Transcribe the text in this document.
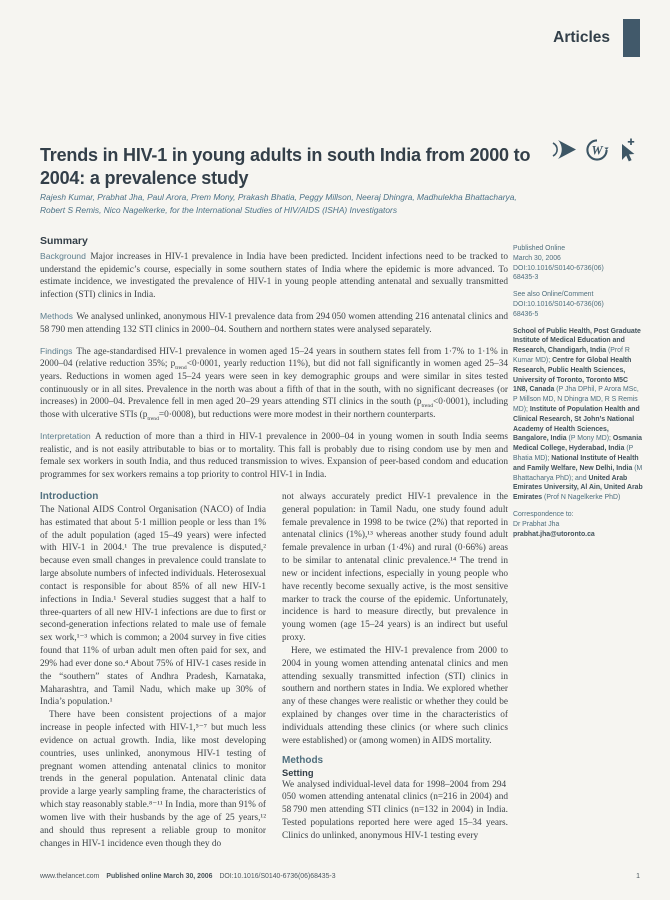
Articles
Trends in HIV-1 in young adults in south India from 2000 to 2004: a prevalence study
W
Rajesh Kumar, Prabhat Jha, Paul Arora, Prem Mony, Prakash Bhatia, Peggy Millson, Neeraj Dhingra, Madhulekha Bhattacharya, Robert S Remis, Nico Nagelkerke, for the International Studies of HIV/AIDS (ISHA) Investigators
Summary

Background Major increases in HIV-1 prevalence in India have been predicted. Incident infections need to be tracked to understand the epidemic’s course, especially in some southern states of India where the epidemic is more advanced. To estimate incidence, we investigated the prevalence of HIV-1 in young people attending antenatal and sexually transmitted infection (STI) clinics in India.

Methods We analysed unlinked, anonymous HIV-1 prevalence data from 294 050 women attending 216 antenatal clinics and 58 790 men attending 132 STI clinics in 2000–04. Southern and northern states were analysed separately.

Findings The age-standardised HIV-1 prevalence in women aged 15–24 years in southern states fell from 1·7% to 1·1% in 2000–04 (relative reduction 35%; $p_{trend}<0\cdot 0001$, yearly reduction 11%), but did not fall significantly in women aged 25–34 years. Reductions in women aged 15–24 years were seen in key demographic groups and were similar in sites tested continuously or in all sites. Prevalence in the north was about a fifth of that in the south, with no significant decreases (or increases) in 2000–04. Prevalence fell in men aged 20–29 years attending STI clinics in the south $(p_{trend}<0\cdot 0001)$, including those with ulcerative STIs $(p_{trend}=0\cdot 0008)$, but reductions were more modest in their northern counterparts.

Interpretation A reduction of more than a third in HIV-1 prevalence in 2000–04 in young women in south India seems realistic, and is not easily attributable to bias or to mortality. This fall is probably due to rising condom use by men and female sex workers in south India, and thus reduced transmission to wives. Expansion of peer-based condom and education programmes for sex workers remains a top priority to control HIV-1 in India.

Published Online
March 30, 2006
DOI:10.1016/S0140-6736(06)
68435-3
See also Online/Comment
DOI:10.1016/S0140-6736(06)
68436-5
School of Public Health, Post Graduate Institute of Medical Education and Research, Chandigarh, India (Prof R Kumar MD); Centre for Global Health Research, Public Health Sciences, University of Toronto, Toronto M5C 1N8, Canada (P Jha DPhil, P Arora MSc, P Millson MD, N Dhingra MD, R S Remis MD); Institute of Population Health and Clinical Research, St John’s National Academy of Health Sciences, Bangalore, India (P Mony MD); Osmania Medical College, Hyderabad, India (P Bhatia MD); National Institute of Health and Family Welfare, New Delhi, India (M Bhattacharya PhD); and United Arab Emirates University, Al Ain, United Arab Emirates (Prof N Nagelkerke PhD)
Correspondence to:
Dr Prabhat Jha
prabhat.jha@utoronto.ca
Introduction

The National AIDS Control Organisation (NACO) of India has estimated that about 5·1 million people or less than 1% of the adult population (aged 15–49 years) were infected with HIV-1 in 2004.¹ The true prevalence is disputed,² because even small changes in prevalence could translate to large absolute numbers of infected individuals. Heterosexual contact is responsible for about 85% of all new HIV-1 infections in India.¹ Several studies suggest that a half to three-quarters of all new HIV-1 infections are due to first or second-generation infections related to male use of female sex work,¹⁻³ which is common; a 2004 survey in five cities found that 11% of urban adult men often paid for sex, and 29% had ever done so.⁴ About 75% of HIV-1 cases reside in the “southern” states of Andhra Pradesh, Karnataka, Maharashtra, and Tamil Nadu, which make up 30% of India’s population.¹

There have been consistent projections of a major increase in people infected with HIV-1,⁵⁻⁷ but much less evidence on actual growth. India, like most developing countries, uses unlinked, anonymous HIV-1 testing of pregnant women attending antenatal clinics to monitor trends in the general population. Antenatal clinic data provide a large yearly sampling frame, the characteristics of which stay reasonably stable.⁸⁻¹¹ In India, more than 91% of women live with their husbands by the age of 25 years,¹² and should thus represent a reliable group to monitor changes in HIV-1 incidence even though they do

not always accurately predict HIV-1 prevalence in the general population: in Tamil Nadu, one study found adult female prevalence in 1998 to be twice (2%) that reported in antenatal clinics (1%),¹³ whereas another study found adult female prevalence in urban (1·4%) and rural (0·66%) areas to be similar to antenatal clinic prevalence.¹⁴ The trend in new or incident infections, especially in young people who have recently become sexually active, is the most sensitive marker to track the course of the epidemic. Unfortunately, incidence is hard to measure directly, but prevalence in young women (age 15–24 years) is an indirect but useful proxy.

Here, we estimated the HIV-1 prevalence from 2000 to 2004 in young women attending antenatal clinics and men attending sexually transmitted infection (STI) clinics in southern and northern states in India. We explored whether any of these changes were realistic or whether they could be explained by changes over time in the characteristics of individuals attending these clinics (or where such clinics were established) or (among women) in AIDS mortality.

Methods
Setting

We analysed individual-level data for 1998–2004 from 294 050 women attending antenatal clinics (n=216 in 2004) and 58 790 men attending STI clinics (n=132 in 2004) in India. Tested populations reported here were aged 15–34 years. Clinics do unlinked, anonymous HIV-1 testing every

www.thelancet.com Published online March 30, 2006 DOI:10.1016/S0140-6736(06)68435-3	1
